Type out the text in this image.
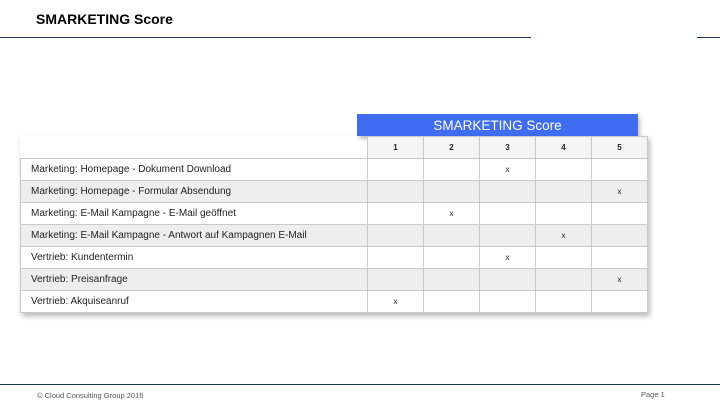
SMARKETING Score
SMARKETING Score
	1	2	3	4	5
Marketing: Homepage - Dokument Download			x		
Marketing: Homepage - Formular Absendung					x
Marketing: E-Mail Kampagne - E-Mail geöffnet		x			
Marketing: E-Mail Kampagne - Antwort auf Kampagnen E-Mail				x	
Vertrieb: Kundentermin			x		
Vertrieb: Preisanfrage					x
Vertrieb: Akquiseanruf	x				
© Cloud Consulting Group 2016	Page 1
